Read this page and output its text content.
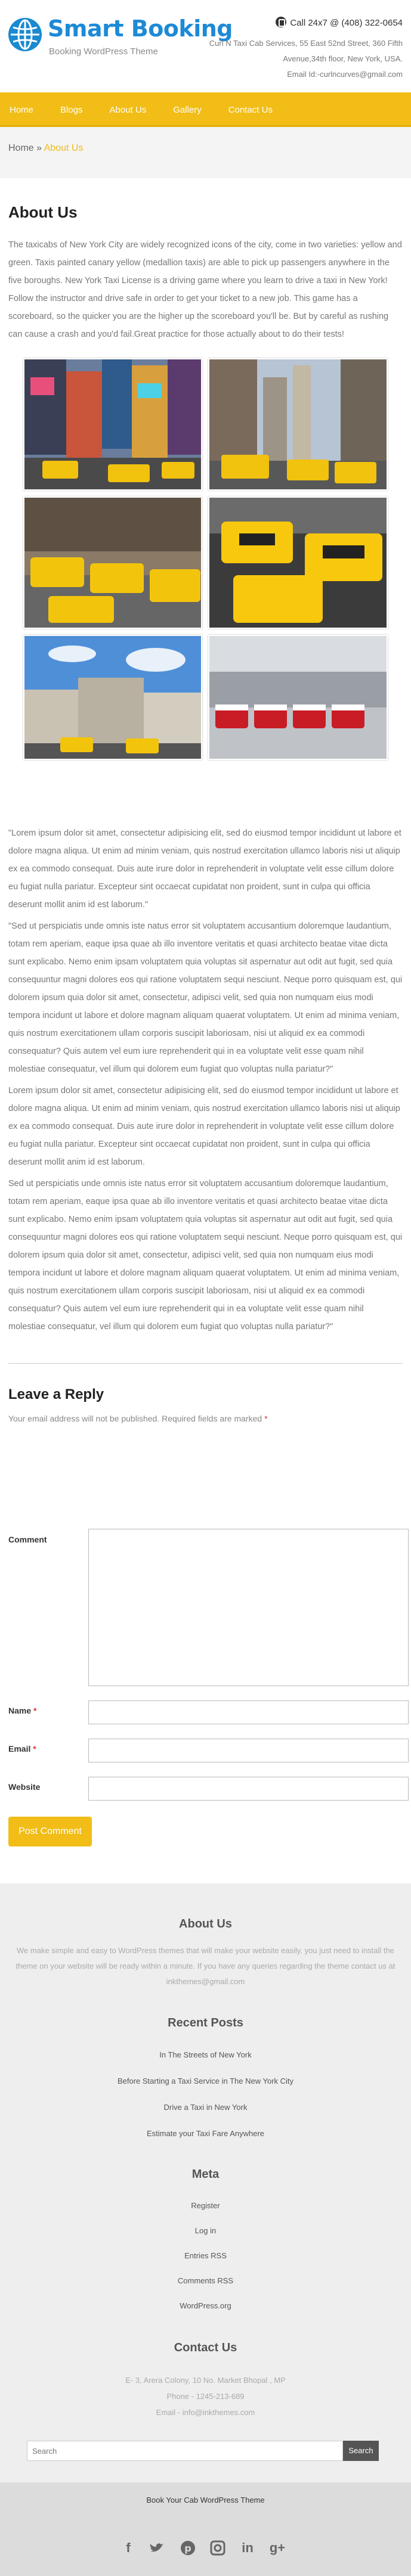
Smart Booking
Booking WordPress Theme
Call 24x7 @ (408) 322-0654
Curl N Taxi Cab Services, 55 East 52nd Street, 360 Fifth Avenue,34th floor, New York, USA.
Email Id:-curlncurves@gmail.com
Home	Blogs	About Us	Gallery	Contact Us
Home » About Us
About Us

The taxicabs of New York City are widely recognized icons of the city, come in two varieties: yellow and green. Taxis painted canary yellow (medallion taxis) are able to pick up passengers anywhere in the five boroughs. New York Taxi License is a driving game where you learn to drive a taxi in New York! Follow the instructor and drive safe in order to get your ticket to a new job. This game has a scoreboard, so the quicker you are the higher up the scoreboard you'll be. But by careful as rushing can cause a crash and you'd fail.Great practice for those actually about to do their tests!

"Lorem ipsum dolor sit amet, consectetur adipisicing elit, sed do eiusmod tempor incididunt ut labore et dolore magna aliqua. Ut enim ad minim veniam, quis nostrud exercitation ullamco laboris nisi ut aliquip ex ea commodo consequat. Duis aute irure dolor in reprehenderit in voluptate velit esse cillum dolore eu fugiat nulla pariatur. Excepteur sint occaecat cupidatat non proident, sunt in culpa qui officia deserunt mollit anim id est laborum."

"Sed ut perspiciatis unde omnis iste natus error sit voluptatem accusantium doloremque laudantium, totam rem aperiam, eaque ipsa quae ab illo inventore veritatis et quasi architecto beatae vitae dicta sunt explicabo. Nemo enim ipsam voluptatem quia voluptas sit aspernatur aut odit aut fugit, sed quia consequuntur magni dolores eos qui ratione voluptatem sequi nesciunt. Neque porro quisquam est, qui dolorem ipsum quia dolor sit amet, consectetur, adipisci velit, sed quia non numquam eius modi tempora incidunt ut labore et dolore magnam aliquam quaerat voluptatem. Ut enim ad minima veniam, quis nostrum exercitationem ullam corporis suscipit laboriosam, nisi ut aliquid ex ea commodi consequatur? Quis autem vel eum iure reprehenderit qui in ea voluptate velit esse quam nihil molestiae consequatur, vel illum qui dolorem eum fugiat quo voluptas nulla pariatur?"

Lorem ipsum dolor sit amet, consectetur adipisicing elit, sed do eiusmod tempor incididunt ut labore et dolore magna aliqua. Ut enim ad minim veniam, quis nostrud exercitation ullamco laboris nisi ut aliquip ex ea commodo consequat. Duis aute irure dolor in reprehenderit in voluptate velit esse cillum dolore eu fugiat nulla pariatur. Excepteur sint occaecat cupidatat non proident, sunt in culpa qui officia deserunt mollit anim id est laborum.

Sed ut perspiciatis unde omnis iste natus error sit voluptatem accusantium doloremque laudantium, totam rem aperiam, eaque ipsa quae ab illo inventore veritatis et quasi architecto beatae vitae dicta sunt explicabo. Nemo enim ipsam voluptatem quia voluptas sit aspernatur aut odit aut fugit, sed quia consequuntur magni dolores eos qui ratione voluptatem sequi nesciunt. Neque porro quisquam est, qui dolorem ipsum quia dolor sit amet, consectetur, adipisci velit, sed quia non numquam eius modi tempora incidunt ut labore et dolore magnam aliquam quaerat voluptatem. Ut enim ad minima veniam, quis nostrum exercitationem ullam corporis suscipit laboriosam, nisi ut aliquid ex ea commodi consequatur? Quis autem vel eum iure reprehenderit qui in ea voluptate velit esse quam nihil molestiae consequatur, vel illum qui dolorem eum fugiat quo voluptas nulla pariatur?"

Leave a Reply

Your email address will not be published. Required fields are marked *

Comment
Name *
Email *
Website
Post Comment
About Us
We make simple and easy to WordPress themes that will make your website easily. you just need to install the theme on your website will be ready within a minute. If you have any queries regarding the theme contact us at inkthemes@gmail.com
Recent Posts
In The Streets of New York
Before Starting a Taxi Service in The New York City
Drive a Taxi in New York
Estimate your Taxi Fare Anywhere
Meta
Register
Log in
Entries RSS
Comments RSS
WordPress.org
Contact Us
E- 3, Arera Colony, 10 No. Market Bhopal , MP
Phone - 1245-213-689
Email - info@inkthemes.com
Search
Search
Book Your Cab WordPress Theme
f	p	in g+
